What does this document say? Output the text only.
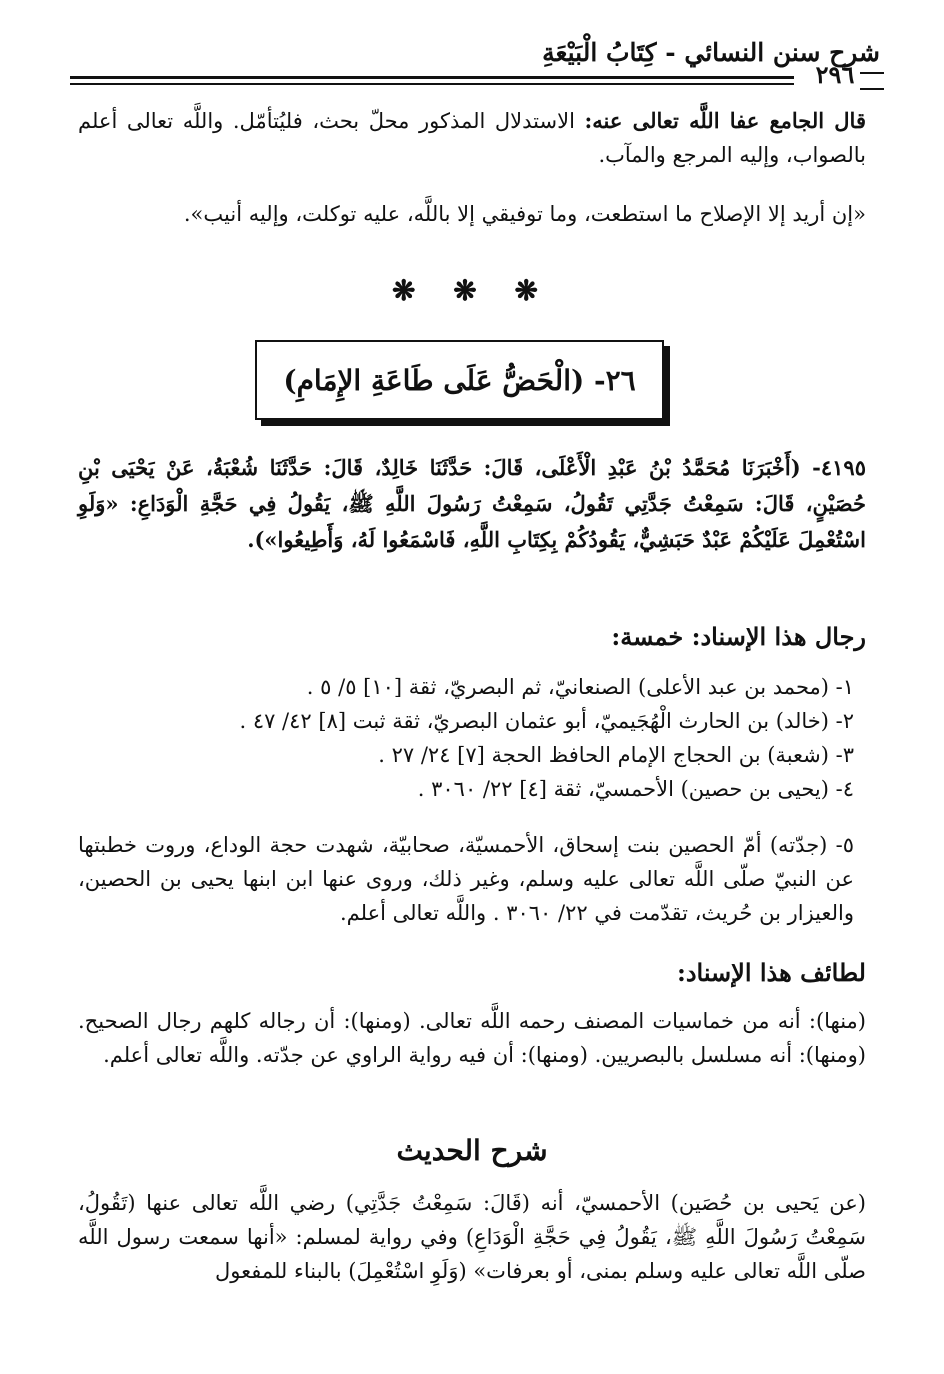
شرح سنن النسائي - كِتَابُ الْبَيْعَةِ
٢٩٦
قال الجامع عفا اللَّه تعالى عنه: الاستدلال المذكور محلّ بحث، فليُتأمّل. واللَّه تعالى أعلم بالصواب، وإليه المرجع والمآب.
«إن أريد إلا الإصلاح ما استطعت، وما توفيقي إلا باللَّه، عليه توكلت، وإليه أنيب».
❋ ❋ ❋
٢٦- (الْحَضُّ عَلَى طَاعَةِ الإِمَامِ)
٤١٩٥- (أَخْبَرَنَا مُحَمَّدُ بْنُ عَبْدِ الْأَعْلَى، قَالَ: حَدَّثَنَا خَالِدٌ، قَالَ: حَدَّثَنَا شُعْبَةُ، عَنْ يَحْيَى بْنِ حُصَيْنٍ، قَالَ: سَمِعْتُ جَدَّتِي تَقُولُ، سَمِعْتُ رَسُولَ اللَّهِ ﷺ، يَقُولُ فِي حَجَّةِ الْوَدَاعِ: «وَلَوِ اسْتُعْمِلَ عَلَيْكُمْ عَبْدٌ حَبَشِيٌّ، يَقُودُكُمْ بِكِتَابِ اللَّهِ، فَاسْمَعُوا لَهُ، وَأَطِيعُوا»).
رجال هذا الإسناد: خمسة:
١- (محمد بن عبد الأعلى) الصنعانيّ، ثم البصريّ، ثقة [١٠] ٥/ ٥ .
٢- (خالد) بن الحارث الْهُجَيميّ، أبو عثمان البصريّ، ثقة ثبت [٨] ٤٢/ ٤٧ .
٣- (شعبة) بن الحجاج الإمام الحافظ الحجة [٧] ٢٤/ ٢٧ .
٤- (يحيى بن حصين) الأحمسيّ، ثقة [٤] ٢٢/ ٣٠٦٠ .
٥- (جدّته) أمّ الحصين بنت إسحاق، الأحمسيّة، صحابيّة، شهدت حجة الوداع، وروت خطبتها عن النبيّ صلّى اللَّه تعالى عليه وسلم، وغير ذلك، وروى عنها ابن ابنها يحيى بن الحصين، والعيزار بن حُريث، تقدّمت في ٢٢/ ٣٠٦٠ . واللَّه تعالى أعلم.
لطائف هذا الإسناد:
(منها): أنه من خماسيات المصنف رحمه اللَّه تعالى. (ومنها): أن رجاله كلهم رجال الصحيح. (ومنها): أنه مسلسل بالبصريين. (ومنها): أن فيه رواية الراوي عن جدّته. واللَّه تعالى أعلم.
شرح الحديث
(عن يَحيى بن حُصَين) الأحمسيّ، أنه (قَالَ: سَمِعْتُ جَدَّتِي) رضي اللَّه تعالى عنها (تَقُولُ، سَمِعْتُ رَسُولَ اللَّهِ ﷺ، يَقُولُ فِي حَجَّةِ الْوَدَاعِ) وفي رواية لمسلم: «أنها سمعت رسول اللَّه صلّى اللَّه تعالى عليه وسلم بمنى، أو بعرفات» (وَلَوِ اسْتُعْمِلَ) بالبناء للمفعول
